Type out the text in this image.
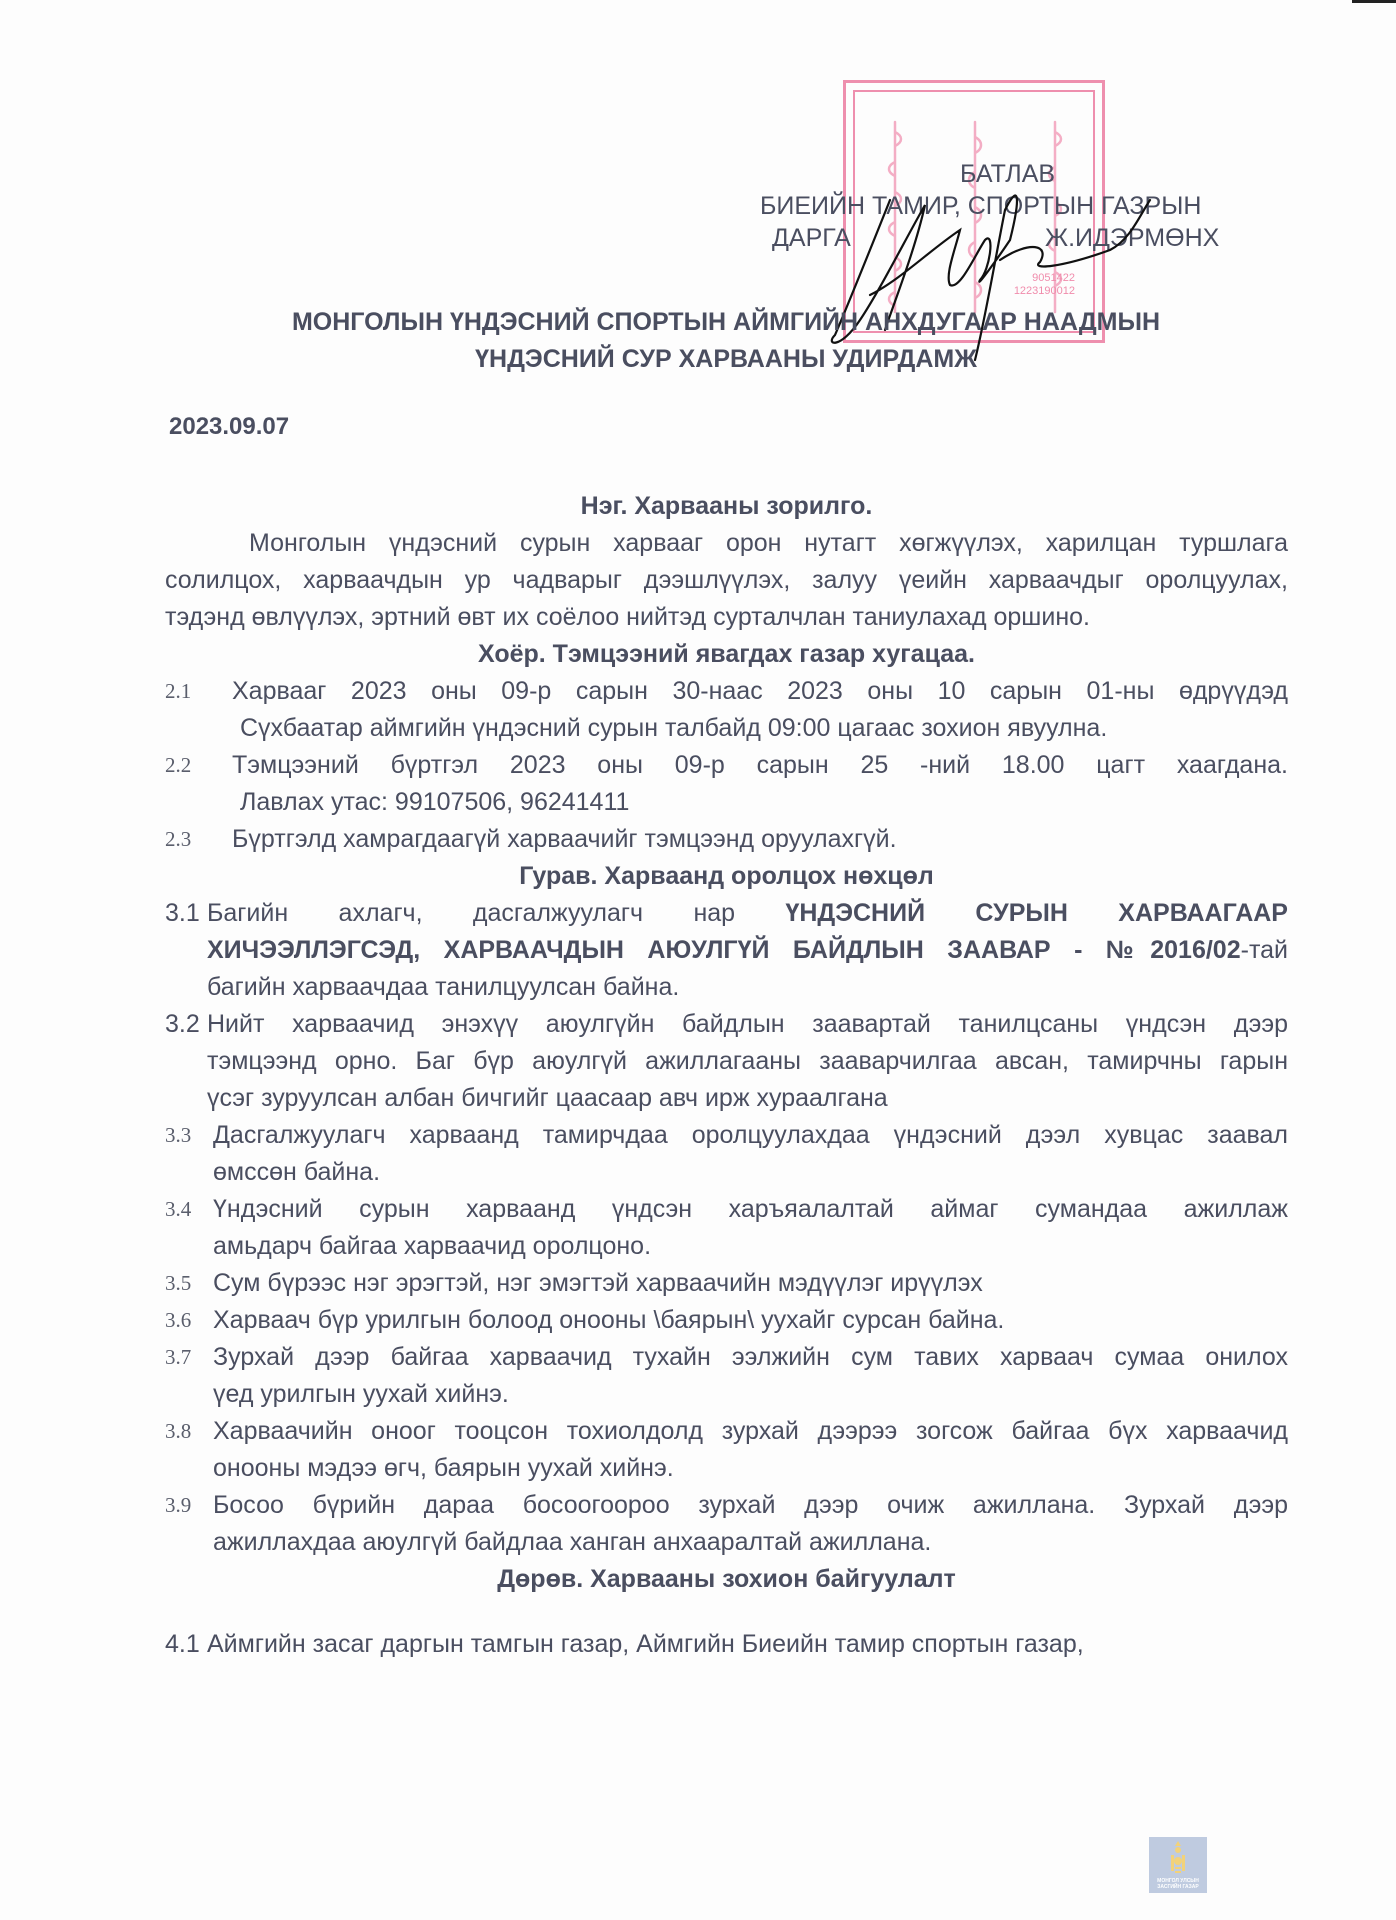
9051422
1223190012
БАТЛАВ
БИЕИЙН ТАМИР, СПОРТЫН ГАЗРЫН
ДАРГА	Ж.ИДЭРМӨНХ
МОНГОЛЫН ҮНДЭСНИЙ СПОРТЫН АЙМГИЙН АНХДУГААР НААДМЫН
ҮНДЭСНИЙ СУР ХАРВААНЫ УДИРДАМЖ
2023.09.07
Нэг. Харвааны зорилго.
Монголын үндэсний сурын харвааг орон нутагт хөгжүүлэх, харилцан туршлага
солилцох, харваачдын ур чадварыг дээшлүүлэх, залуу үеийн харваачдыг оролцуулах,
тэдэнд өвлүүлэх, эртний өвт их соёлоо нийтэд сурталчлан таниулахад оршино.
Хоёр. Тэмцээний явагдах газар хугацаа.
2.1 Харвааг 2023 оны 09-р сарын 30-наас 2023 оны 10 сарын 01-ны өдрүүдэд
Сүхбаатар аймгийн үндэсний сурын талбайд 09:00 цагаас зохион явуулна.
2.2 Тэмцээний бүртгэл 2023 оны 09-р сарын 25 -ний 18.00 цагт хаагдана.
Лавлах утас: 99107506, 96241411
2.3 Бүртгэлд хамрагдаагүй харваачийг тэмцээнд оруулахгүй.
Гурав. Харваанд оролцох нөхцөл
3.1 Багийн ахлагч, дасгалжуулагч нар ҮНДЭСНИЙ СУРЫН ХАРВААГААР
ХИЧЭЭЛЛЭГСЭД, ХАРВААЧДЫН АЮУЛГҮЙ БАЙДЛЫН ЗААВАР - №2016/02-тай
багийн харваачдаа танилцуулсан байна.
3.2 Нийт харваачид энэхүү аюулгүйн байдлын заавартай танилцсаны үндсэн дээр
тэмцээнд орно. Баг бүр аюулгүй ажиллагааны зааварчилгаа авсан, тамирчны гарын
үсэг зуруулсан албан бичгийг цаасаар авч ирж хураалгана
3.3 Дасгалжуулагч харваанд тамирчдаа оролцуулахдаа үндэсний дээл хувцас заавал
өмссөн байна.
3.4 Үндэсний сурын харваанд үндсэн харъяалалтай аймаг сумандаа ажиллаж
амьдарч байгаа харваачид оролцоно.
3.5 Сум бүрээс нэг эрэгтэй, нэг эмэгтэй харваачийн мэдүүлэг ирүүлэх
3.6 Харваач бүр урилгын болоод онооны \баярын\ уухайг сурсан байна.
3.7 Зурхай дээр байгаа харваачид тухайн ээлжийн сум тавих харваач сумаа онилох
үед урилгын уухай хийнэ.
3.8 Харваачийн оноог тооцсон тохиолдолд зурхай дээрээ зогсож байгаа бүх харваачид
онооны мэдээ өгч, баярын уухай хийнэ.
3.9 Босоо бүрийн дараа босоогоороо зурхай дээр очиж ажиллана. Зурхай дээр
ажиллахдаа аюулгүй байдлаа ханган анхааралтай ажиллана.
Дөрөв. Харвааны зохион байгуулалт
4.1 Аймгийн засаг даргын тамгын газар, Аймгийн Биеийн тамир спортын газар,
МОНГОЛ УЛСЫН
ЗАСГИЙН ГАЗАР
